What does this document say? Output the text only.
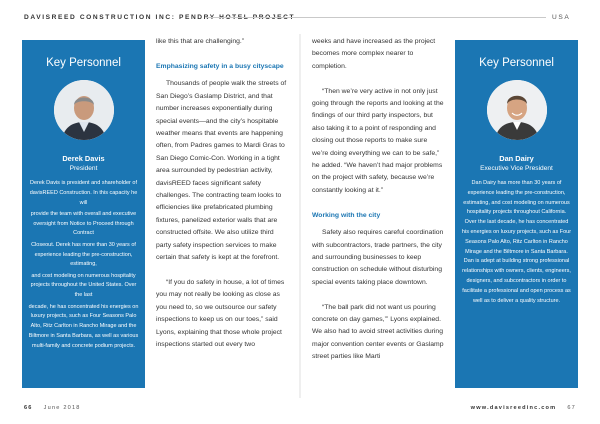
DAVISREED CONSTRUCTION INC: PENDRY HOTEL PROJECT	USA
Key Personnel
Derek Davis
President

Derek Davis is president and shareholder of davisREED Construction. In this capacity he will

provide the team with overall and executive oversight from Notice to Proceed through Contract

Closeout. Derek has more than 30 years of experience leading the pre-construction, estimating,

and cost modeling on numerous hospitality projects throughout the United States. Over the last

decade, he has concentrated his energies on luxury projects, such as Four Seasons Palo Alto, Ritz Carlton in Rancho Mirage and the Biltmore in Santa Barbara, as well as various multi-family and concrete podium projects.

like this that are challenging.”

Emphasizing safety in a busy cityscape

Thousands of people walk the streets of San Diego’s Gaslamp District, and that number increases exponentially during special events—and the city’s hospitable weather means that events are happening often, from Padres games to Mardi Gras to San Diego Comic-Con. Working in a tight area surrounded by pedestrian activity, davisREED faces significant safety challenges. The contracting team looks to efficiencies like prefabricated plumbing fixtures, panelized exterior walls that are constructed offsite. We also utilize third party safety inspection services to make certain that safety is kept at the forefront.

“If you do safety in house, a lot of times you may not really be looking as close as you need to, so we outsource our safety inspections to keep us on our toes,” said Lyons, explaining that those whole project inspections started out every two

weeks and have increased as the project becomes more complex nearer to completion.

“Then we’re very active in not only just going through the reports and looking at the findings of our third party inspectors, but also taking it to a point of responding and closing out those reports to make sure we’re doing everything we can to be safe,” he added. “We haven’t had major problems on the project with safety, because we’re constantly looking at it.”

Working with the city

Safety also requires careful coordination with subcontractors, trade partners, the city and surrounding businesses to keep construction on schedule without disturbing special events taking place downtown.

“The ball park did not want us pouring concrete on day games,’” Lyons explained. We also had to avoid street activities during major convention center events or Gaslamp street parties like Marti

Key Personnel
Dan Dairy
Executive Vice President

Dan Dairy has more than 30 years of experience leading the pre-construction, estimating, and cost modeling on numerous hospitality projects throughout California. Over the last decade, he has concentrated his energies on luxury projects, such as Four Seasons Palo Alto, Ritz Carlton in Rancho Mirage and the Biltmore in Santa Barbara. Dan is adept at building strong professional relationships with owners, clients, engineers, designers, and subcontractors in order to facilitate a professional and open process as well as to deliver a quality structure.

66 June 2018	www.davisreedinc.com 67
